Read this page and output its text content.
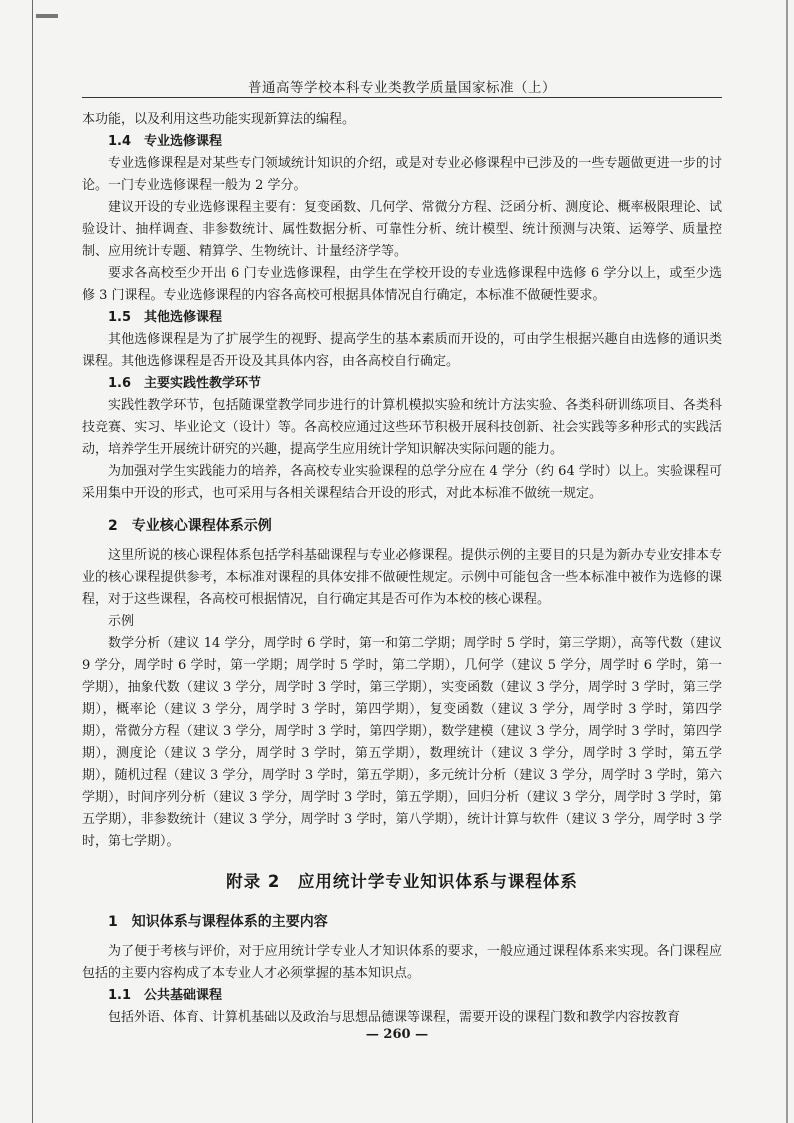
普通高等学校本科专业类教学质量国家标准（上）

本功能，以及利用这些功能实现新算法的编程。

1.4　专业选修课程

专业选修课程是对某些专门领域统计知识的介绍，或是对专业必修课程中已涉及的一些专题做更进一步的讨论。一门专业选修课程一般为 2 学分。

建议开设的专业选修课程主要有：复变函数、几何学、常微分方程、泛函分析、测度论、概率极限理论、试验设计、抽样调查、非参数统计、属性数据分析、可靠性分析、统计模型、统计预测与决策、运筹学、质量控制、应用统计专题、精算学、生物统计、计量经济学等。

要求各高校至少开出 6 门专业选修课程，由学生在学校开设的专业选修课程中选修 6 学分以上，或至少选修 3 门课程。专业选修课程的内容各高校可根据具体情况自行确定，本标准不做硬性要求。

1.5　其他选修课程

其他选修课程是为了扩展学生的视野、提高学生的基本素质而开设的，可由学生根据兴趣自由选修的通识类课程。其他选修课程是否开设及其具体内容，由各高校自行确定。

1.6　主要实践性教学环节

实践性教学环节，包括随课堂教学同步进行的计算机模拟实验和统计方法实验、各类科研训练项目、各类科技竞赛、实习、毕业论文（设计）等。各高校应通过这些环节积极开展科技创新、社会实践等多种形式的实践活动，培养学生开展统计研究的兴趣，提高学生应用统计学知识解决实际问题的能力。

为加强对学生实践能力的培养，各高校专业实验课程的总学分应在 4 学分（约 64 学时）以上。实验课程可采用集中开设的形式，也可采用与各相关课程结合开设的形式，对此本标准不做统一规定。

2　专业核心课程体系示例

这里所说的核心课程体系包括学科基础课程与专业必修课程。提供示例的主要目的只是为新办专业安排本专业的核心课程提供参考，本标准对课程的具体安排不做硬性规定。示例中可能包含一些本标准中被作为选修的课程，对于这些课程，各高校可根据情况，自行确定其是否可作为本校的核心课程。

示例

数学分析（建议 14 学分，周学时 6 学时，第一和第二学期；周学时 5 学时，第三学期），高等代数（建议 9 学分，周学时 6 学时，第一学期；周学时 5 学时，第二学期），几何学（建议 5 学分，周学时 6 学时，第一学期），抽象代数（建议 3 学分，周学时 3 学时，第三学期），实变函数（建议 3 学分，周学时 3 学时，第三学期），概率论（建议 3 学分，周学时 3 学时，第四学期），复变函数（建议 3 学分，周学时 3 学时，第四学期），常微分方程（建议 3 学分，周学时 3 学时，第四学期），数学建模（建议 3 学分，周学时 3 学时，第四学期），测度论（建议 3 学分，周学时 3 学时，第五学期），数理统计（建议 3 学分，周学时 3 学时，第五学期），随机过程（建议 3 学分，周学时 3 学时，第五学期），多元统计分析（建议 3 学分，周学时 3 学时，第六学期），时间序列分析（建议 3 学分，周学时 3 学时，第五学期），回归分析（建议 3 学分，周学时 3 学时，第五学期），非参数统计（建议 3 学分，周学时 3 学时，第八学期），统计计算与软件（建议 3 学分，周学时 3 学时，第七学期）。

附录 2　应用统计学专业知识体系与课程体系
1　知识体系与课程体系的主要内容

为了便于考核与评价，对于应用统计学专业人才知识体系的要求，一般应通过课程体系来实现。各门课程应包括的主要内容构成了本专业人才必须掌握的基本知识点。

1.1　公共基础课程

包括外语、体育、计算机基础以及政治与思想品德课等课程，需要开设的课程门数和教学内容按教育

— 260 —
